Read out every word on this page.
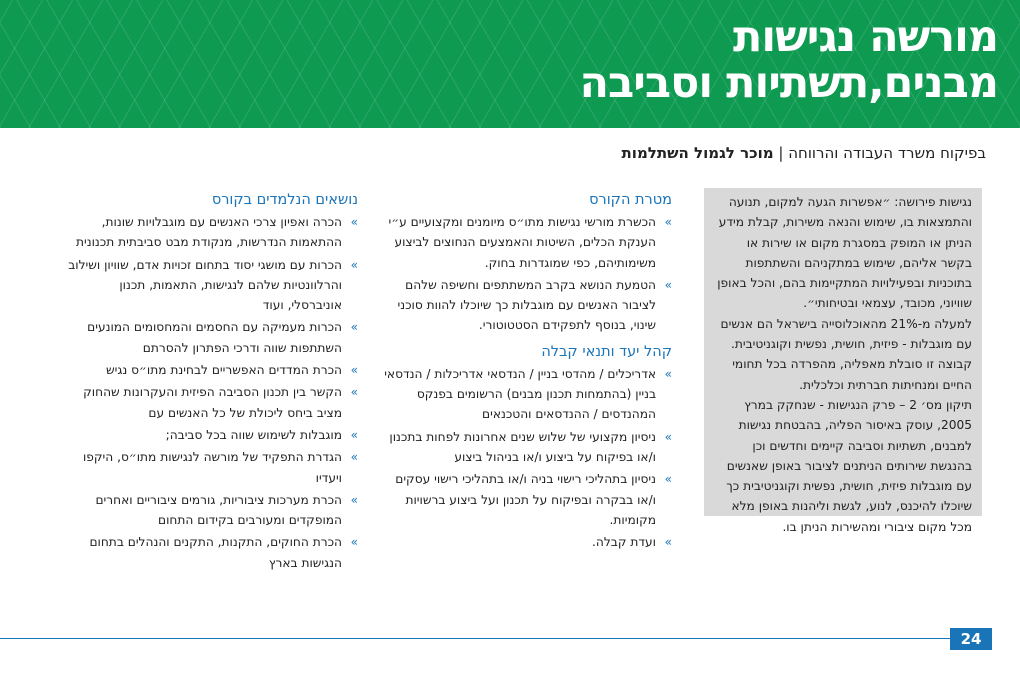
מורשה נגישות
מבנים,תשתיות וסביבה
בפיקוח משרד העבודה והרווחה | מוכר לגמול השתלמות

נגישות פירושה: ״אפשרות הגעה למקום, תנועה והתמצאות בו, שימוש והנאה משירות, קבלת מידע הניתן או המופק במסגרת מקום או שירות או בקשר אליהם, שימוש במתקניהם והשתתפות בתוכניות ובפעילויות המתקיימות בהם, והכל באופן שוויוני, מכובד, עצמאי ובטיחותי״.

למעלה מ-21% מהאוכלוסייה בישראל הם אנשים עם מוגבלות - פיזית, חושית, נפשית וקוגניטיבית. קבוצה זו סובלת מאפליה, מהפרדה בכל תחומי החיים ומנחיתות חברתית וכלכלית.

תיקון מס׳ 2 – פרק הנגישות - שנחקק במרץ 2005, עוסק באיסור הפליה, בהבטחת נגישות למבנים, תשתיות וסביבה קיימים וחדשים וכן בהנגשת שירותים הניתנים לציבור באופן שאנשים עם מוגבלות פיזית, חושית, נפשית וקוגניטיבית כך שיוכלו להיכנס, לנוע, לגשת וליהנות באופן מלא מכל מקום ציבורי ומהשירות הניתן בו.

מטרת הקורס
»
הכשרת מורשי נגישות מתו״ס מיומנים ומקצועיים ע״י הענקת הכלים, השיטות והאמצעים הנחוצים לביצוע משימותיהם, כפי שמוגדרות בחוק.
»
הטמעת הנושא בקרב המשתתפים וחשיפה שלהם לציבור האנשים עם מוגבלות כך שיוכלו להוות סוכני שינוי, בנוסף לתפקידם הסטטוטורי.
קהל יעד ותנאי קבלה
»
אדריכלים / מהדסי בניין / הנדסאי אדריכלות / הנדסאי בניין (בהתמחות תכנון מבנים) הרשומים בפנקס המהנדסים / ההנדסאים והטכנאים
»
ניסיון מקצועי של שלוש שנים אחרונות לפחות בתכנון ו/או בפיקוח על ביצוע ו/או בניהול ביצוע
»
ניסיון בתהליכי רישוי בניה ו/או בתהליכי רישוי עסקים ו/או בבקרה ובפיקוח על תכנון ועל ביצוע ברשויות מקומיות.
»
ועדת קבלה.
נושאים הנלמדים בקורס
»
הכרה ואפיון צרכי האנשים עם מוגבלויות שונות, ההתאמות הנדרשות, מנקודת מבט סביבתית תכנונית
»
הכרות עם מושגי יסוד בתחום זכויות אדם, שוויון ושילוב והרלוונטיות שלהם לנגישות, התאמות, תכנון אוניברסלי, ועוד
»
הכרות מעמיקה עם החסמים והמחסומים המונעים השתתפות שווה ודרכי הפתרון להסרתם
»
הכרת המדדים האפשריים לבחינת מתו״ס נגיש
»
הקשר בין תכנון הסביבה הפיזית והעקרונות שהחוק מציב ביחס ליכולת של כל האנשים עם
»
מוגבלות לשימוש שווה בכל סביבה;
»
הגדרת התפקיד של מורשה לנגישות מתו״ס, היקפו ויעדיו
»
הכרת מערכות ציבוריות, גורמים ציבוריים ואחרים המופקדים ומעורבים בקידום התחום
»
הכרת החוקים, התקנות, התקנים והנהלים בתחום הנגישות בארץ
24
